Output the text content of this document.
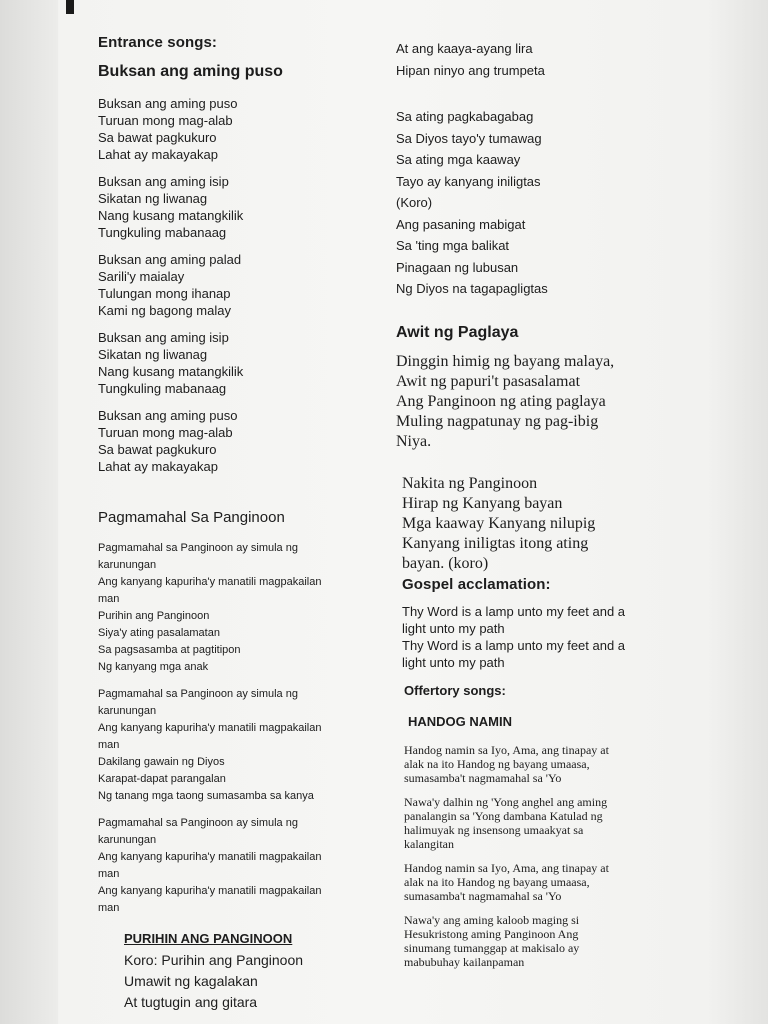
Entrance songs:
Buksan ang aming puso
Buksan ang aming puso
Turuan mong mag-alab
Sa bawat pagkukuro
Lahat ay makayakap
Buksan ang aming isip
Sikatan ng liwanag
Nang kusang matangkilik
Tungkuling mabanaag
Buksan ang aming palad
Sarili'y maialay
Tulungan mong ihanap
Kami ng bagong malay
Buksan ang aming isip
Sikatan ng liwanag
Nang kusang matangkilik
Tungkuling mabanaag
Buksan ang aming puso
Turuan mong mag-alab
Sa bawat pagkukuro
Lahat ay makayakap
Pagmamahal Sa Panginoon
Pagmamahal sa Panginoon ay simula ng
karunungan
Ang kanyang kapuriha'y manatili magpakailan
man
Purihin ang Panginoon
Siya'y ating pasalamatan
Sa pagsasamba at pagtitipon
Ng kanyang mga anak
Pagmamahal sa Panginoon ay simula ng
karunungan
Ang kanyang kapuriha'y manatili magpakailan
man
Dakilang gawain ng Diyos
Karapat-dapat parangalan
Ng tanang mga taong sumasamba sa kanya
Pagmamahal sa Panginoon ay simula ng
karunungan
Ang kanyang kapuriha'y manatili magpakailan
man
Ang kanyang kapuriha'y manatili magpakailan
man
PURIHIN ANG PANGINOON
Koro: Purihin ang Panginoon
Umawit ng kagalakan
At tugtugin ang gitara
At ang kaaya-ayang lira
Hipan ninyo ang trumpeta
Sa ating pagkabagabag
Sa Diyos tayo'y tumawag
Sa ating mga kaaway
Tayo ay kanyang iniligtas
(Koro)
Ang pasaning mabigat
Sa 'ting mga balikat
Pinagaan ng lubusan
Ng Diyos na tagapagligtas
Awit ng Paglaya
Dinggin himig ng bayang malaya,
Awit ng papuri't pasasalamat
Ang Panginoon ng ating paglaya
Muling nagpatunay ng pag-ibig
Niya.
Nakita ng Panginoon
Hirap ng Kanyang bayan
Mga kaaway Kanyang nilupig
Kanyang iniligtas itong ating
bayan. (koro)
Gospel acclamation:
Thy Word is a lamp unto my feet and a
light unto my path
Thy Word is a lamp unto my feet and a
light unto my path
Offertory songs:
HANDOG NAMIN
Handog namin sa Iyo, Ama, ang tinapay at
alak na ito Handog ng bayang umaasa,
sumasamba't nagmamahal sa 'Yo
Nawa'y dalhin ng 'Yong anghel ang aming
panalangin sa 'Yong dambana Katulad ng
halimuyak ng insensong umaakyat sa
kalangitan
Handog namin sa Iyo, Ama, ang tinapay at
alak na ito Handog ng bayang umaasa,
sumasamba't nagmamahal sa 'Yo
Nawa'y ang aming kaloob maging si
Hesukristong aming Panginoon Ang
sinumang tumanggap at makisalo ay
mabubuhay kailanpaman
